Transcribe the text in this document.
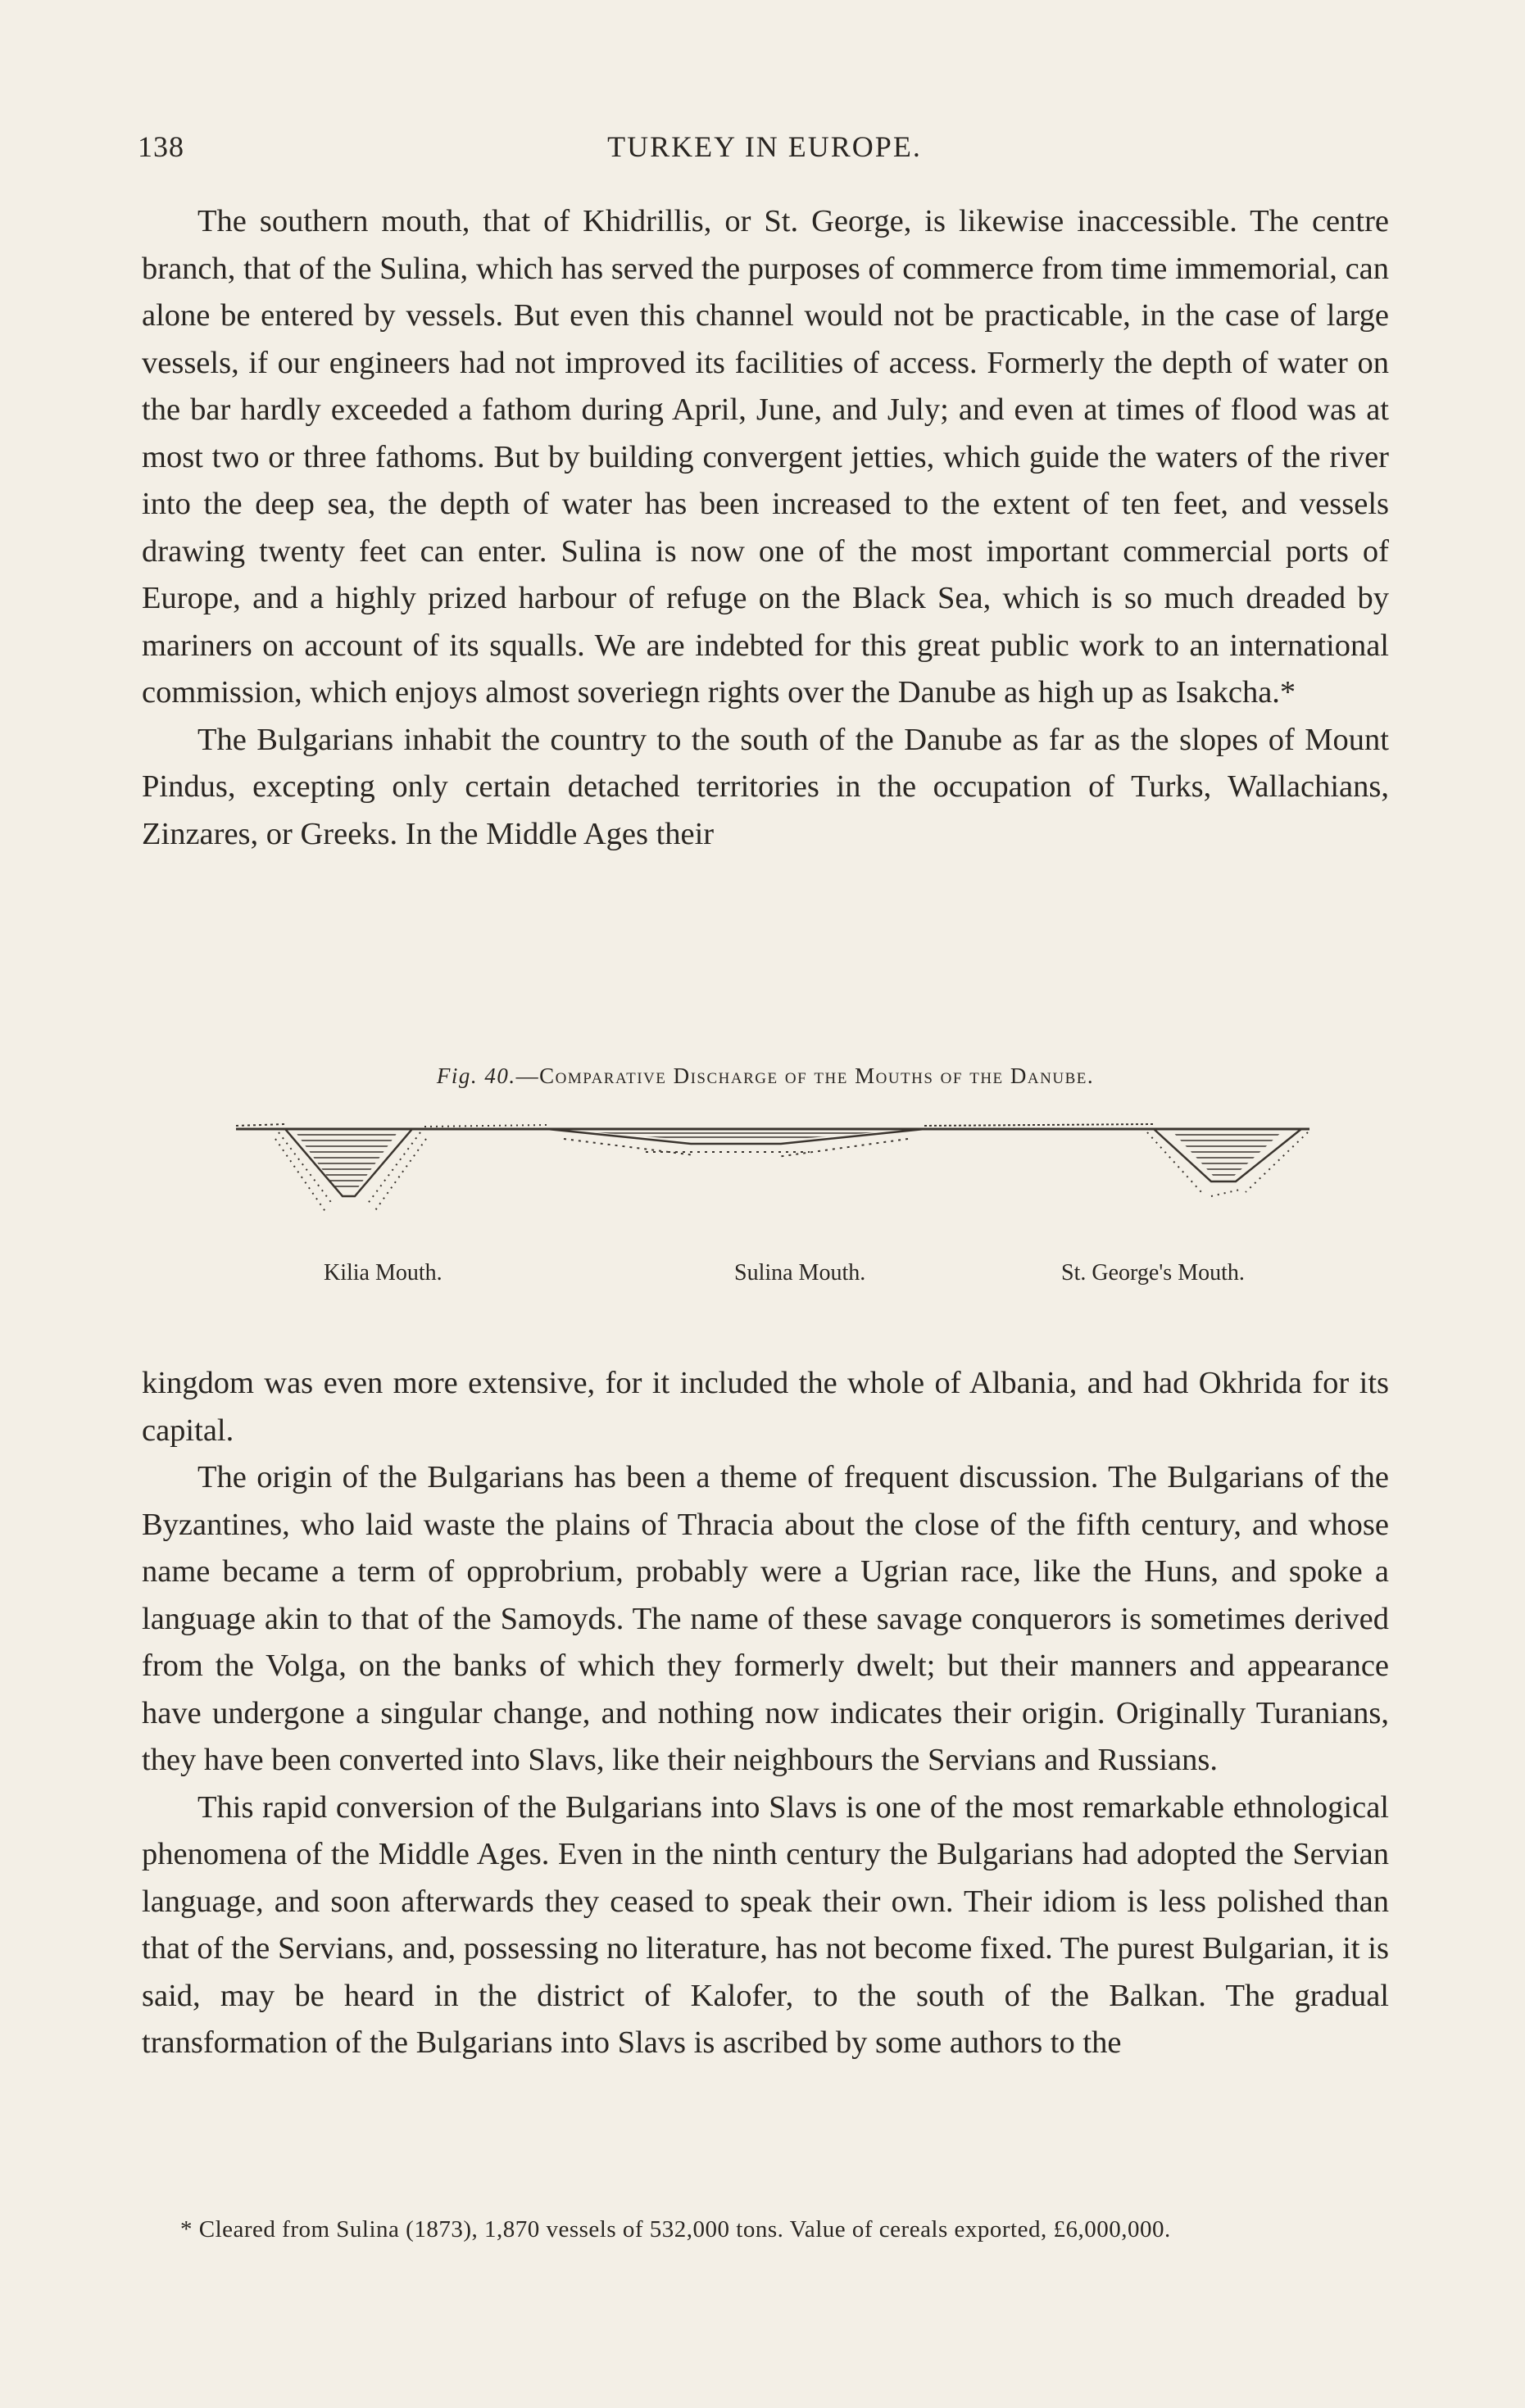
138	TURKEY IN EUROPE.

The southern mouth, that of Khidrillis, or St. George, is likewise inaccessible. The centre branch, that of the Sulina, which has served the purposes of commerce from time immemorial, can alone be entered by vessels. But even this channel would not be practicable, in the case of large vessels, if our engineers had not improved its facilities of access. Formerly the depth of water on the bar hardly exceeded a fathom during April, June, and July; and even at times of flood was at most two or three fathoms. But by building convergent jetties, which guide the waters of the river into the deep sea, the depth of water has been increased to the extent of ten feet, and vessels drawing twenty feet can enter. Sulina is now one of the most important commercial ports of Europe, and a highly prized harbour of refuge on the Black Sea, which is so much dreaded by mariners on account of its squalls. We are indebted for this great public work to an international commission, which enjoys almost soveriegn rights over the Danube as high up as Isakcha.*

The Bulgarians inhabit the country to the south of the Danube as far as the slopes of Mount Pindus, excepting only certain detached territories in the occupation of Turks, Wallachians, Zinzares, or Greeks. In the Middle Ages their

Fig. 40.—Comparative Discharge of the Mouths of the Danube.
Kilia Mouth.	Sulina Mouth.	St. George's Mouth.

kingdom was even more extensive, for it included the whole of Albania, and had Okhrida for its capital.

The origin of the Bulgarians has been a theme of frequent discussion. The Bulgarians of the Byzantines, who laid waste the plains of Thracia about the close of the fifth century, and whose name became a term of opprobrium, probably were a Ugrian race, like the Huns, and spoke a language akin to that of the Samoyds. The name of these savage conquerors is sometimes derived from the Volga, on the banks of which they formerly dwelt; but their manners and appearance have undergone a singular change, and nothing now indicates their origin. Originally Turanians, they have been converted into Slavs, like their neighbours the Servians and Russians.

This rapid conversion of the Bulgarians into Slavs is one of the most remarkable ethnological phenomena of the Middle Ages. Even in the ninth century the Bulgarians had adopted the Servian language, and soon afterwards they ceased to speak their own. Their idiom is less polished than that of the Servians, and, possessing no literature, has not become fixed. The purest Bulgarian, it is said, may be heard in the district of Kalofer, to the south of the Balkan. The gradual transformation of the Bulgarians into Slavs is ascribed by some authors to the

* Cleared from Sulina (1873), 1,870 vessels of 532,000 tons. Value of cereals exported, £6,000,000.
